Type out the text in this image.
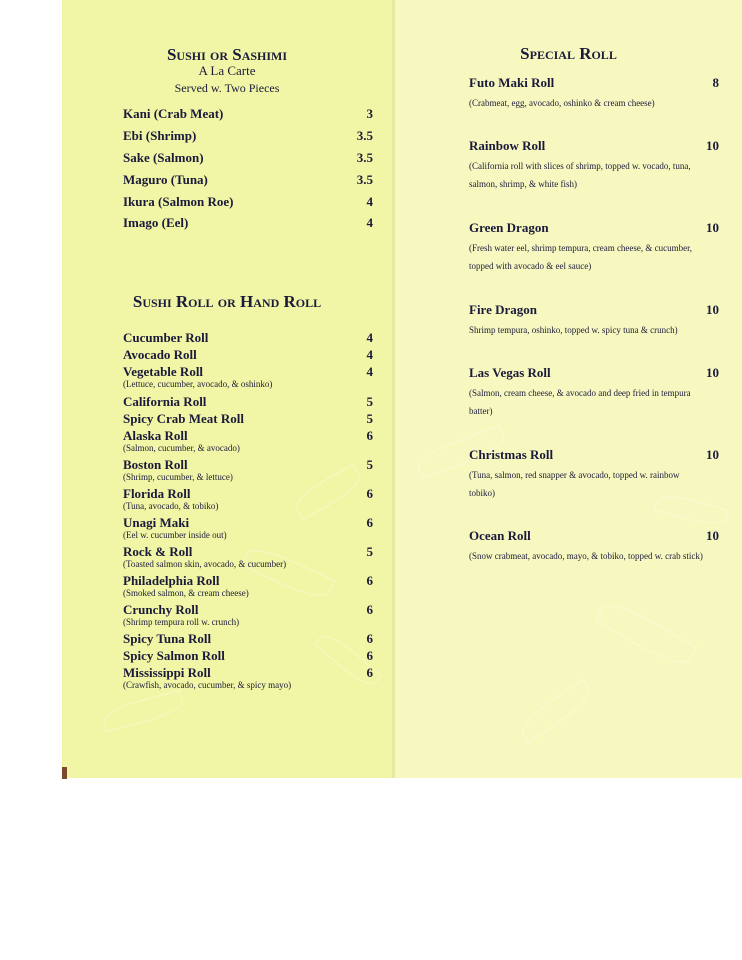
Sushi or Sashimi
A La Carte
Served w. Two Pieces
Kani (Crab Meat)	3
Ebi (Shrimp)	3.5
Sake (Salmon)	3.5
Maguro (Tuna)	3.5
Ikura (Salmon Roe)	4
Imago (Eel)	4
Sushi Roll or Hand Roll
Cucumber Roll	4
Avocado Roll	4
Vegetable Roll	4
(Lettuce, cucumber, avocado, & oshinko)
California Roll	5
Spicy Crab Meat Roll	5
Alaska Roll	6
(Salmon, cucumber, & avocado)
Boston Roll	5
(Shrimp, cucumber, & lettuce)
Florida Roll	6
(Tuna, avocado, & tobiko)
Unagi Maki	6
(Eel w. cucumber inside out)
Rock & Roll	5
(Toasted salmon skin, avocado, & cucumber)
Philadelphia Roll	6
(Smoked salmon, & cream cheese)
Crunchy Roll	6
(Shrimp tempura roll w. crunch)
Spicy Tuna Roll	6
Spicy Salmon Roll	6
Mississippi Roll	6
(Crawfish, avocado, cucumber, & spicy mayo)
Special Roll
Futo Maki Roll	8
(Crabmeat, egg, avocado, oshinko & cream cheese)
Rainbow Roll	10
(California roll with slices of shrimp, topped w. vocado, tuna, salmon, shrimp, & white fish)
Green Dragon	10
(Fresh water eel, shrimp tempura, cream cheese, & cucumber, topped with avocado & eel sauce)
Fire Dragon	10
Shrimp tempura, oshinko, topped w. spicy tuna & crunch)
Las Vegas Roll	10
(Salmon, cream cheese, & avocado and deep fried in tempura batter)
Christmas Roll	10
(Tuna, salmon, red snapper & avocado, topped w. rainbow tobiko)
Ocean Roll	10
(Snow crabmeat, avocado, mayo, & tobiko, topped w. crab stick)
